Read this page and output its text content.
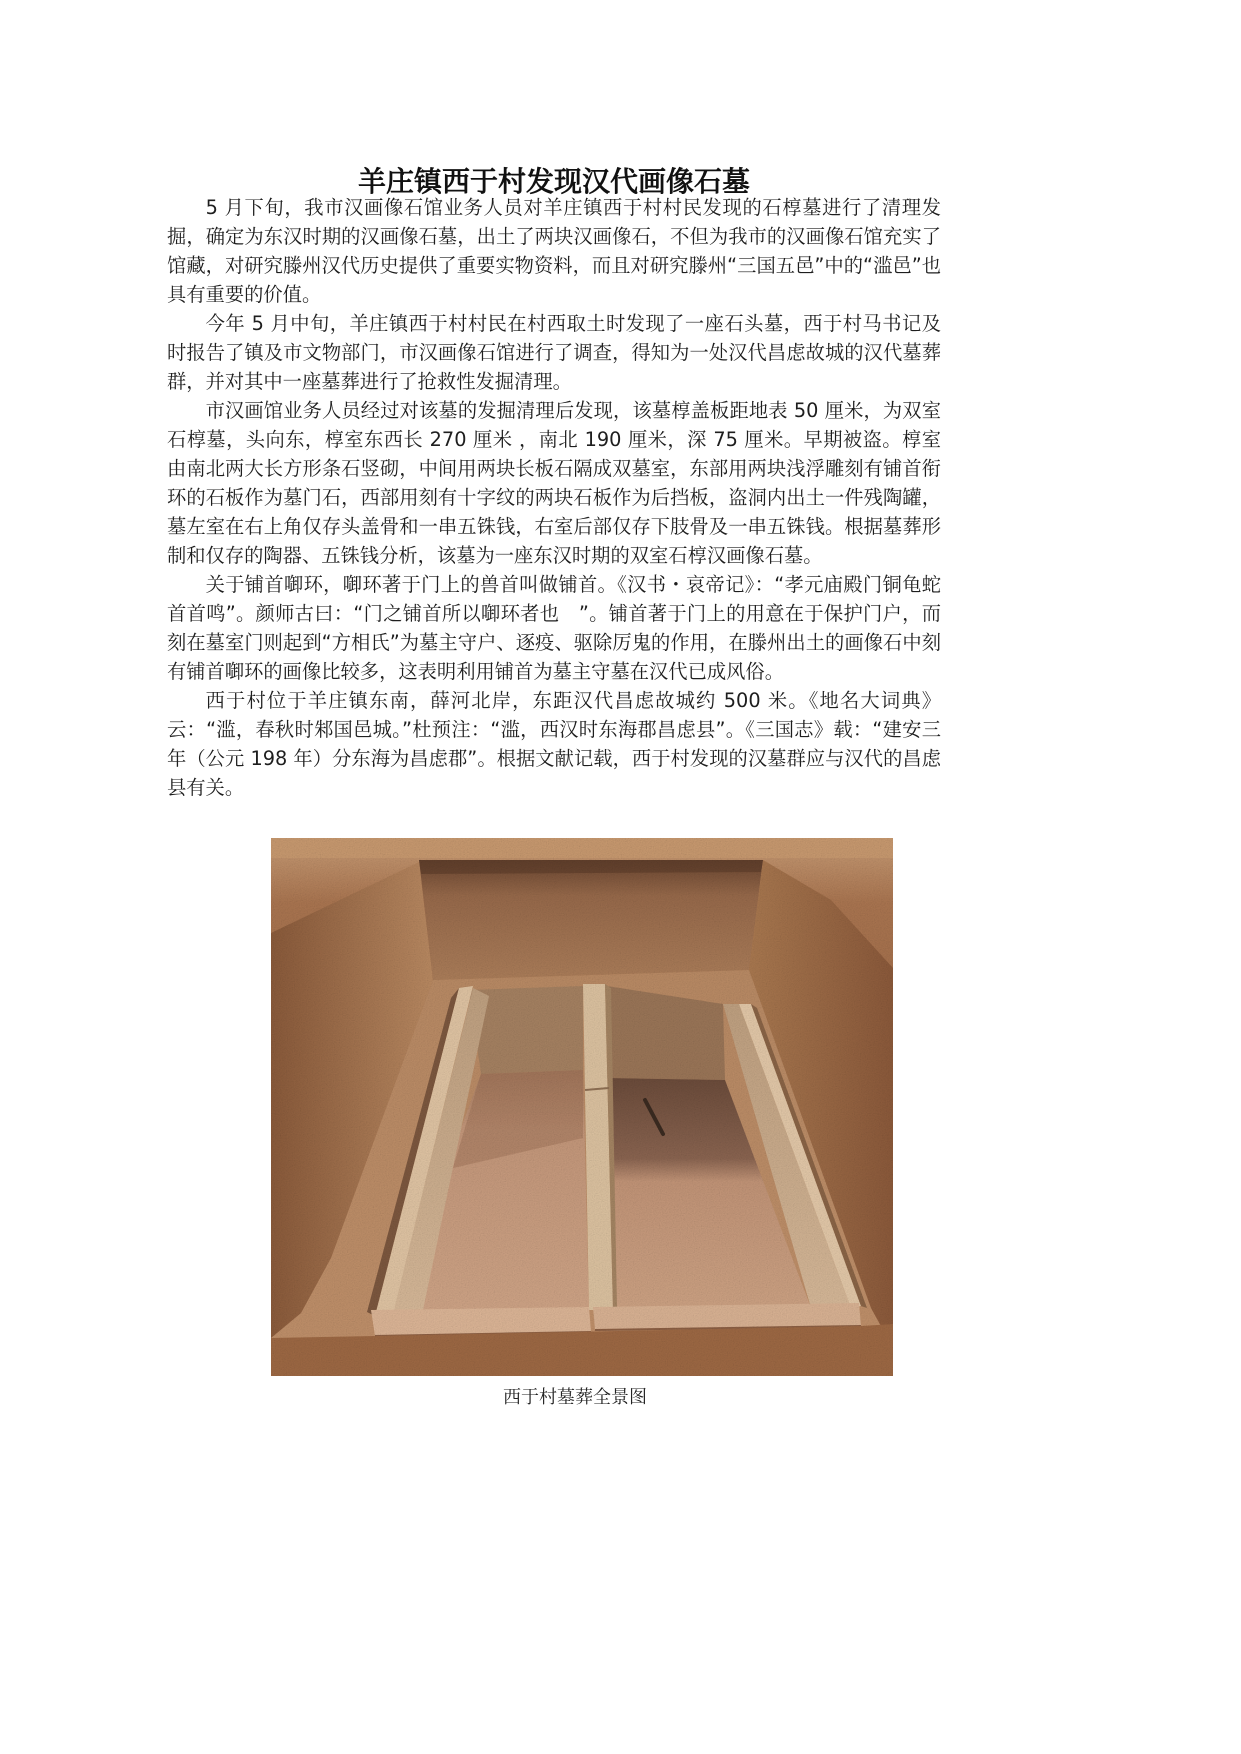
羊庄镇西于村发现汉代画像石墓

5 月下旬，我市汉画像石馆业务人员对羊庄镇西于村村民发现的石椁墓进行了清理发掘，确定为东汉时期的汉画像石墓，出土了两块汉画像石，不但为我市的汉画像石馆充实了馆藏，对研究滕州汉代历史提供了重要实物资料，而且对研究滕州“三国五邑”中的“滥邑”也具有重要的价值。

今年 5 月中旬，羊庄镇西于村村民在村西取土时发现了一座石头墓，西于村马书记及时报告了镇及市文物部门，市汉画像石馆进行了调查，得知为一处汉代昌虑故城的汉代墓葬群，并对其中一座墓葬进行了抢救性发掘清理。

市汉画馆业务人员经过对该墓的发掘清理后发现，该墓椁盖板距地表 50 厘米，为双室石椁墓，头向东，椁室东西长 270 厘米 ，南北 190 厘米，深 75 厘米。早期被盗。椁室由南北两大长方形条石竖砌，中间用两块长板石隔成双墓室，东部用两块浅浮雕刻有铺首衔环的石板作为墓门石，西部用刻有十字纹的两块石板作为后挡板，盗洞内出土一件残陶罐，墓左室在右上角仅存头盖骨和一串五铢钱，右室后部仅存下肢骨及一串五铢钱。根据墓葬形制和仅存的陶器、五铢钱分析，该墓为一座东汉时期的双室石椁汉画像石墓。

关于铺首啣环，啣环著于门上的兽首叫做铺首。《汉书・哀帝记》：“孝元庙殿门铜龟蛇首首鸣”。颜师古曰：“门之铺首所以啣环者也　”。铺首著于门上的用意在于保护门户，而刻在墓室门则起到“方相氏”为墓主守户、逐疫、驱除厉鬼的作用，在滕州出土的画像石中刻有铺首啣环的画像比较多，这表明利用铺首为墓主守墓在汉代已成风俗。

西于村位于羊庄镇东南，薛河北岸，东距汉代昌虑故城约 500 米。《地名大词典》云：“滥，春秋时邾国邑城。”杜预注：“滥，西汉时东海郡昌虑县”。《三国志》载：“建安三年（公元 198 年）分东海为昌虑郡”。根据文献记载，西于村发现的汉墓群应与汉代的昌虑县有关。

西于村墓葬全景图
